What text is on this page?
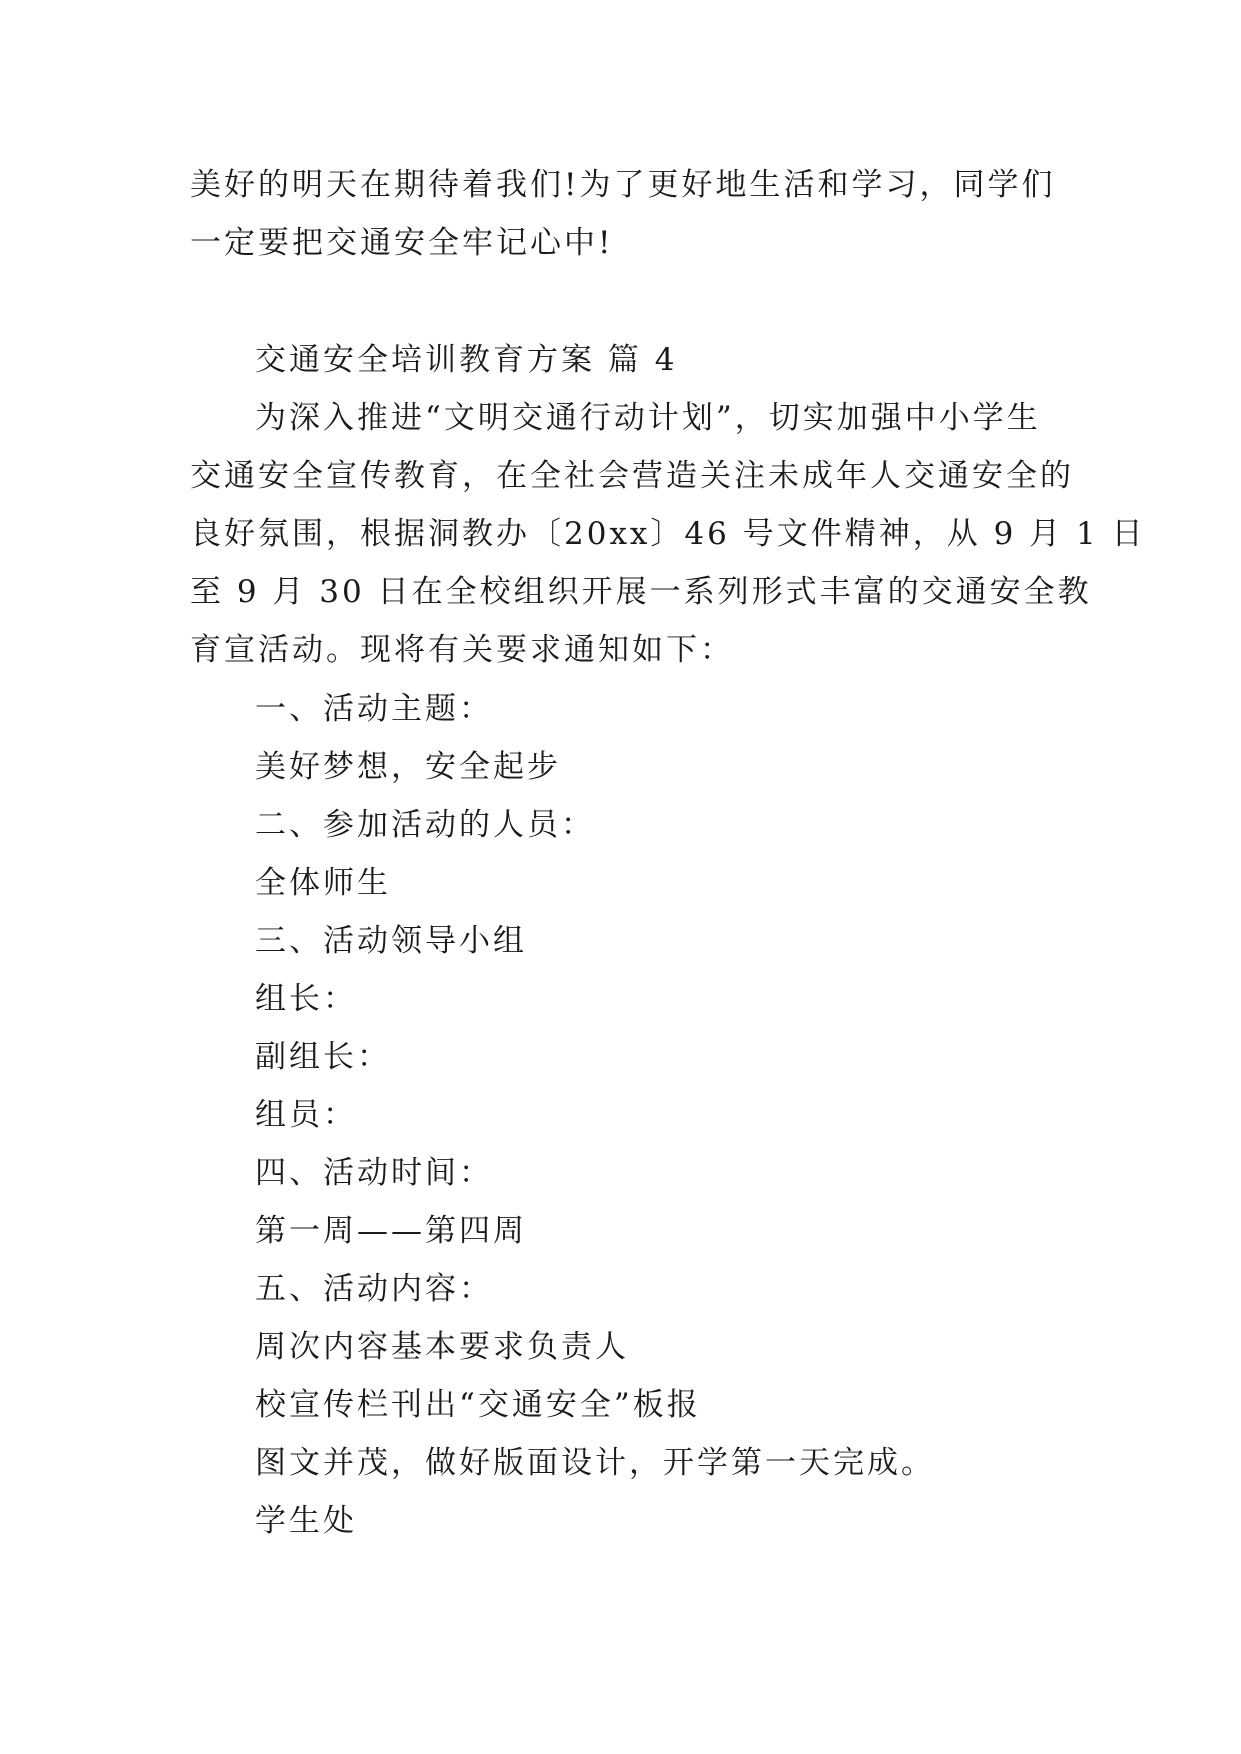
美好的明天在期待着我们!为了更好地生活和学习，同学们

一定要把交通安全牢记心中!

交通安全培训教育方案 篇 4

为深入推进“文明交通行动计划”，切实加强中小学生

交通安全宣传教育，在全社会营造关注未成年人交通安全的

良好氛围，根据洞教办〔20xx〕46 号文件精神，从 9 月 1 日

至 9 月 30 日在全校组织开展一系列形式丰富的交通安全教

育宣活动。现将有关要求通知如下：

一、活动主题：

美好梦想，安全起步

二、参加活动的人员：

全体师生

三、活动领导小组

组长：

副组长：

组员：

四、活动时间：

第一周——第四周

五、活动内容：

周次内容基本要求负责人

校宣传栏刊出“交通安全”板报

图文并茂，做好版面设计，开学第一天完成。

学生处
